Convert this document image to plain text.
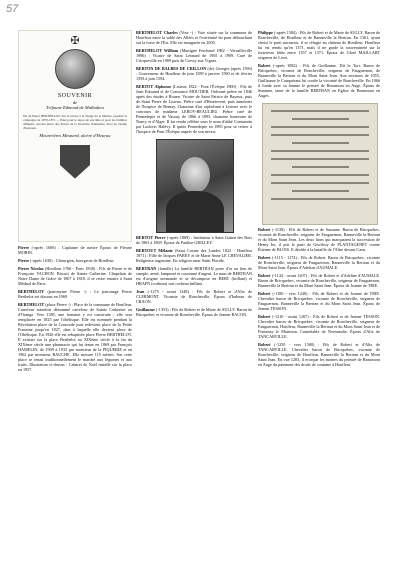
57
✠
SOUVENIR
de
Trifoune Edmond de Malhaltea
fils de Pierre BERTHELOT. Sur le navire à la Vierge de la Marine, pendant la campagne de 1870-1871 ... Priez pour le repos de son âme et pour les familles affligées. Ancien élève des Frères de la Doctrine chrétienne, mort au champ d'honneur.
Meurtrières Mesnard, ulcère d'Heurau
Pierre (-après 1600) : Capitaine de navire Époux de Fleurie MORIN.
Pierre (-après 1630) : Chirurgien, bourgeois de Honfleur.
Pierre Nicolas (Honfleur 1766 - Paris 1838) : Fils de Pierre et de Françoise VACHON. Biscuit de Sainte Catherine. Chapelain de Notre Dame de Grâce de 1807 à 1818, il se retire ensuite à Saint Médard de Paris.
BERTHELOT (patronyme Pierre -) : Le patronage Pierre Berthelot est dissous en 1969.
BERTHELOT (place Pierre -) : Place de la commune de Honfleur. Carrefour autrefois dénommé carrefour de Sainte Catherine ou d'Orange. Vers 1385, une fontaine y est construite ; elle sera remplacée en 1825 par l'obélisque. Elle est nommée pendant la Révolution place de la Concorde puis redevient place de la Petite Fontaine jusqu'en 1827, date à laquelle elle devient place de l'Obélisque. En 1926 elle est rebaptisée place Pierre BERTHELOT. Il existait sur la place Berthelot au XIXème siècle à la fin du XIXème siècle une pharmacie qui fut tenue en 1869 par François HAMELIN, de 1909 à 1933 par monsieur de la PIQUERIE et en 1962 par monsieur BAUCHE. Elle mesure 115 mètres. Sur cette place se tenait traditionnellement le marché aux légumes et aux fruits. Illustration ci-dessus : Cabaret de Noël installé sur la place en 1957.
BERTHELOT Charles (Voie -) : Voie située sur la commune de Honfleur entre la sable des Allées et l'extrémité du pont débouchant sur la fosse de l'Est. Elle est inaugurée en 2005.
BERTHELOT William (Martigné Ferchaud 1882 - Versailleville 1986) : Vicaire de Saint Léonard de 1905 à 1909. Curé de Cricqueville en 1909 puis de Cressy aux Vignes.
BERTON DE BALBES DE CRILLON (de) Georges (après 1596) : Gouverneur de Honfleur de juin 1589 à janvier 1590 et de février 1593 à juin 1594.
BERTOT Alphonse (Lisieux 1822 - Pont l'Évêque 1900) : Fils de Jean Edouard et de Constance MOUTIER. Ordonné prêtre en 1846 après des études à Rouen. Vicaire de Saint Patrice de Bayeux, puis de Saint Pierre de Lisieux. Prêtre curé d'Heurtevent, puis aumônier de l'hospice de Bernay. Chanoine d'un orphelinat à Lisieux avec le concours de madame LEROY-BEAULIEU. Prêtre curé de Pennedepie et de Vasouy de 1866 à 1895, chanoine honoraire de Nancy et d'Alger. Il fut rendu célèbre sous le nom d'abbé Constantin par Ludovic Halévy. Il quitte Pennedepie en 1895 pour se retirer à l'hospice de Pont l'Évêque auprès de son neveu.
BERTOT Pierre (-après 1869) : Instituteur à Saint Gatien des Bois de 1863 à 1869. Époux de Pauline GRILLEY.
BERTOUT Mélanie (Saint Cosme des Landes 1822 - Honfleur 1871) : Fille de Jacques PAREY et de Marie Anne LE CHEVALIER. Religieuse augustine. En religion sœur Saint Placide.
BERTRAN (famille) La famille BERTRAN porte d'or au lion de sinople, armé, lampassé et couronné d'argent. Le nom de BERTRAN est d'origine normande et se décompose en BERT (brillant) et HRAFN (corbeau) soit corbeau brillant.
Jean (-1275 - avant 1348) : Fils de Robert et d'Alix de CLERMONT. Vicomte de Roncheville, Époux d'Isabeau de CRAON.
Guillaume (-1353) : Fils de Robert et de Marie de SULLY. Baron de Bricquebec et vicomte de Roncheville. Époux de Jeanne BACON.
Philippe (-après 1384) : Fils de Robert et de Marie de SULLY. Baron de Roncheville, de Honfleur et de Banneville la Bertran. En 1361, ayant choisi le parti navarrais, il se réfugie au château de Honfleur. Honfleur lui est rendu qu'en 1371, mais il ne garde la souveraineté sur la forteresse bâtie entre 1357 et 1371, Époux de Gloré MAILLART seigneur de Livet.
Robert (-après 1082) : Fils de Guillaume. Dit le Tort. Baron de Bricquebec, vicomte de Roncheville, seigneur de Fauguernon, de Banneville la Bertran et du Mont Saint Jean. Aux environs de 1055, Guillaume le Conquérant lui confie la vicomté de Roncheville. En 1066 il fonde avec sa femme le prieuré de Beaumont en Auge. Époux de Suzanne, tante de la famille BERTRAN en Eglise de Beaumont en Auges.
Robert (-1138) : Fils de Robert et de Suzanne. Baron de Bricquebec, vicomte de Roncheville, seigneur de Fauguernon, Banneville la Bertran et du Mont Saint Jean. Les deux lions qui marquaient la succession de Henry Ier, il prit le parti de Geoffroy de PLANTAGENET contre Étienne de BLOIS. Il décède à la bataille de l'Aître devant Caen.
Robert (-1115 - 1174) : Fils de Robert. Baron de Bricquebec, vicomte de Roncheville, seigneur de Fauguernon, Banneville la Bertran et du Mont Saint Jean. Époux d'Adeline d'AUMALE.
Robert (-1144 - avant 1207) : Fils de Robert et d'Adeline d'AUMALE. Baron de Bricquebec, vicomte de Roncheville, seigneur de Fauguernon, Banneville la Bertran et du Mont Saint Jean. Époux de Jeanne de TRIE.
Robert (-1180 - vers 1240) : Fils de Robert et de Jeanne de TRIE. Chevalier baron de Bricquebec, vicomte de Roncheville, seigneur de Fauguernon, Banneville la Bertran et du Mont Saint Jean. Époux de Jeanne TESSON.
Robert (-1210 - avant 1267) : Fils de Robert et de Jeanne TESSON. Chevalier baron de Bricquebec, vicomte de Roncheville, seigneur de Fauguernon, Honfleur, Banneville la Bertran et du Mont Saint Jean et de Fontenay le Marmion. Connétable de Normandie. Époux d'Alix de TANCARVILLE.
Robert (-1250 - vers 1300) : Fils de Robert et d'Alix de TANCARVILLE. Chevalier baron de Bricquebec, vicomte de Roncheville, seigneur de Honfleur, Banneville la Bertran et du Mont Saint Jean. En vue 1283, il ecorque les moines du prieuré de Beaumont en Auge du paiement des droits de coutume à Honfleur.
